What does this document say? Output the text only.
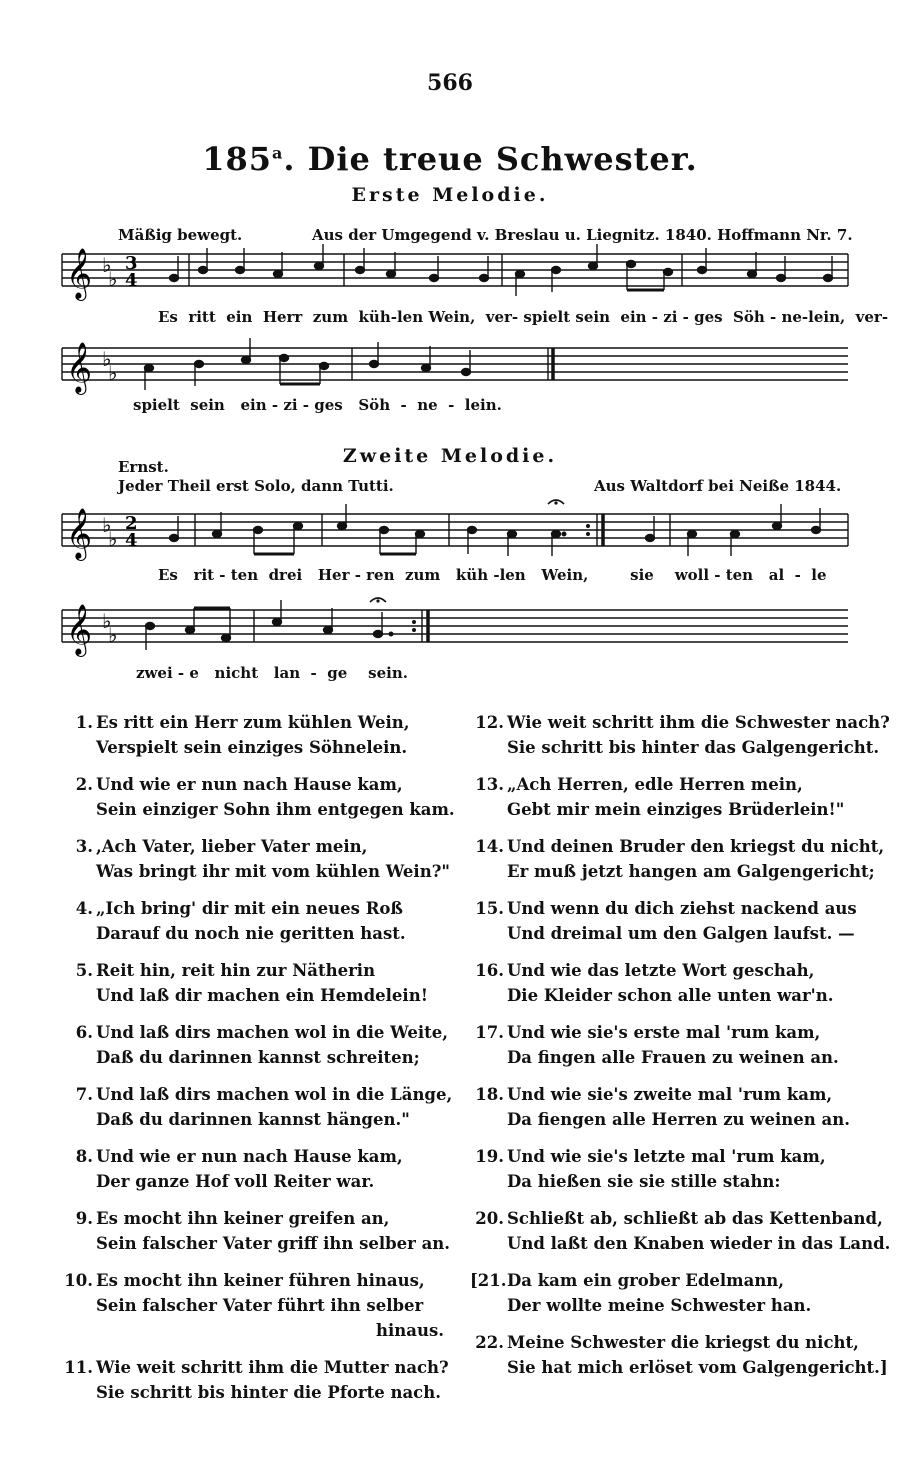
566
185$^a$. Die treue Schwester.
Erste Melodie.
Mäßig bewegt.	Aus der Umgegend v. Breslau u. Liegnitz. 1840. Hoffmann Nr. 7.
𝄞 ♭
♭
3
4
Es  ritt  ein  Herr  zum  küh-len Wein,  ver- spielt sein  ein - zi - ges  Söh - ne-lein,  ver-
𝄞 ♭
♭
spielt  sein   ein - zi - ges   Söh  -  ne  -  lein.
Zweite Melodie.
Ernst.
Jeder Theil erst Solo, dann Tutti.	Aus Waltdorf bei Neiße 1844.
𝄞 ♭
♭
2
4
Es   rit - ten  drei   Her - ren  zum   küh -len   Wein,        sie    woll - ten   al  -  le
𝄞 ♭
♭
zwei - e   nicht   lan  -  ge    sein.
1. Es ritt ein Herr zum kühlen Wein,
Verspielt sein einziges Söhnelein.
2. Und wie er nun nach Hause kam,
Sein einziger Sohn ihm entgegen kam.
3. ,Ach Vater, lieber Vater mein,
Was bringt ihr mit vom kühlen Wein?"
4. „Ich bring' dir mit ein neues Roß
Darauf du noch nie geritten hast.
5. Reit hin, reit hin zur Nätherin
Und laß dir machen ein Hemdelein!
6. Und laß dirs machen wol in die Weite,
Daß du darinnen kannst schreiten;
7. Und laß dirs machen wol in die Länge,
Daß du darinnen kannst hängen."
8. Und wie er nun nach Hause kam,
Der ganze Hof voll Reiter war.
9. Es mocht ihn keiner greifen an,
Sein falscher Vater griff ihn selber an.
10. Es mocht ihn keiner führen hinaus,
Sein falscher Vater führt ihn selber
hinaus.
11. Wie weit schritt ihm die Mutter nach?
Sie schritt bis hinter die Pforte nach.
12. Wie weit schritt ihm die Schwester nach?
Sie schritt bis hinter das Galgengericht.
13. „Ach Herren, edle Herren mein,
Gebt mir mein einziges Brüderlein!"
14. Und deinen Bruder den kriegst du nicht,
Er muß jetzt hangen am Galgengericht;
15. Und wenn du dich ziehst nackend aus
Und dreimal um den Galgen laufst. —
16. Und wie das letzte Wort geschah,
Die Kleider schon alle unten war'n.
17. Und wie sie's erste mal 'rum kam,
Da fingen alle Frauen zu weinen an.
18. Und wie sie's zweite mal 'rum kam,
Da fiengen alle Herren zu weinen an.
19. Und wie sie's letzte mal 'rum kam,
Da hießen sie sie stille stahn:
20. Schließt ab, schließt ab das Kettenband,
Und laßt den Knaben wieder in das Land.
[21. Da kam ein grober Edelmann,
Der wollte meine Schwester han.
22. Meine Schwester die kriegst du nicht,
Sie hat mich erlöset vom Galgengericht.]
